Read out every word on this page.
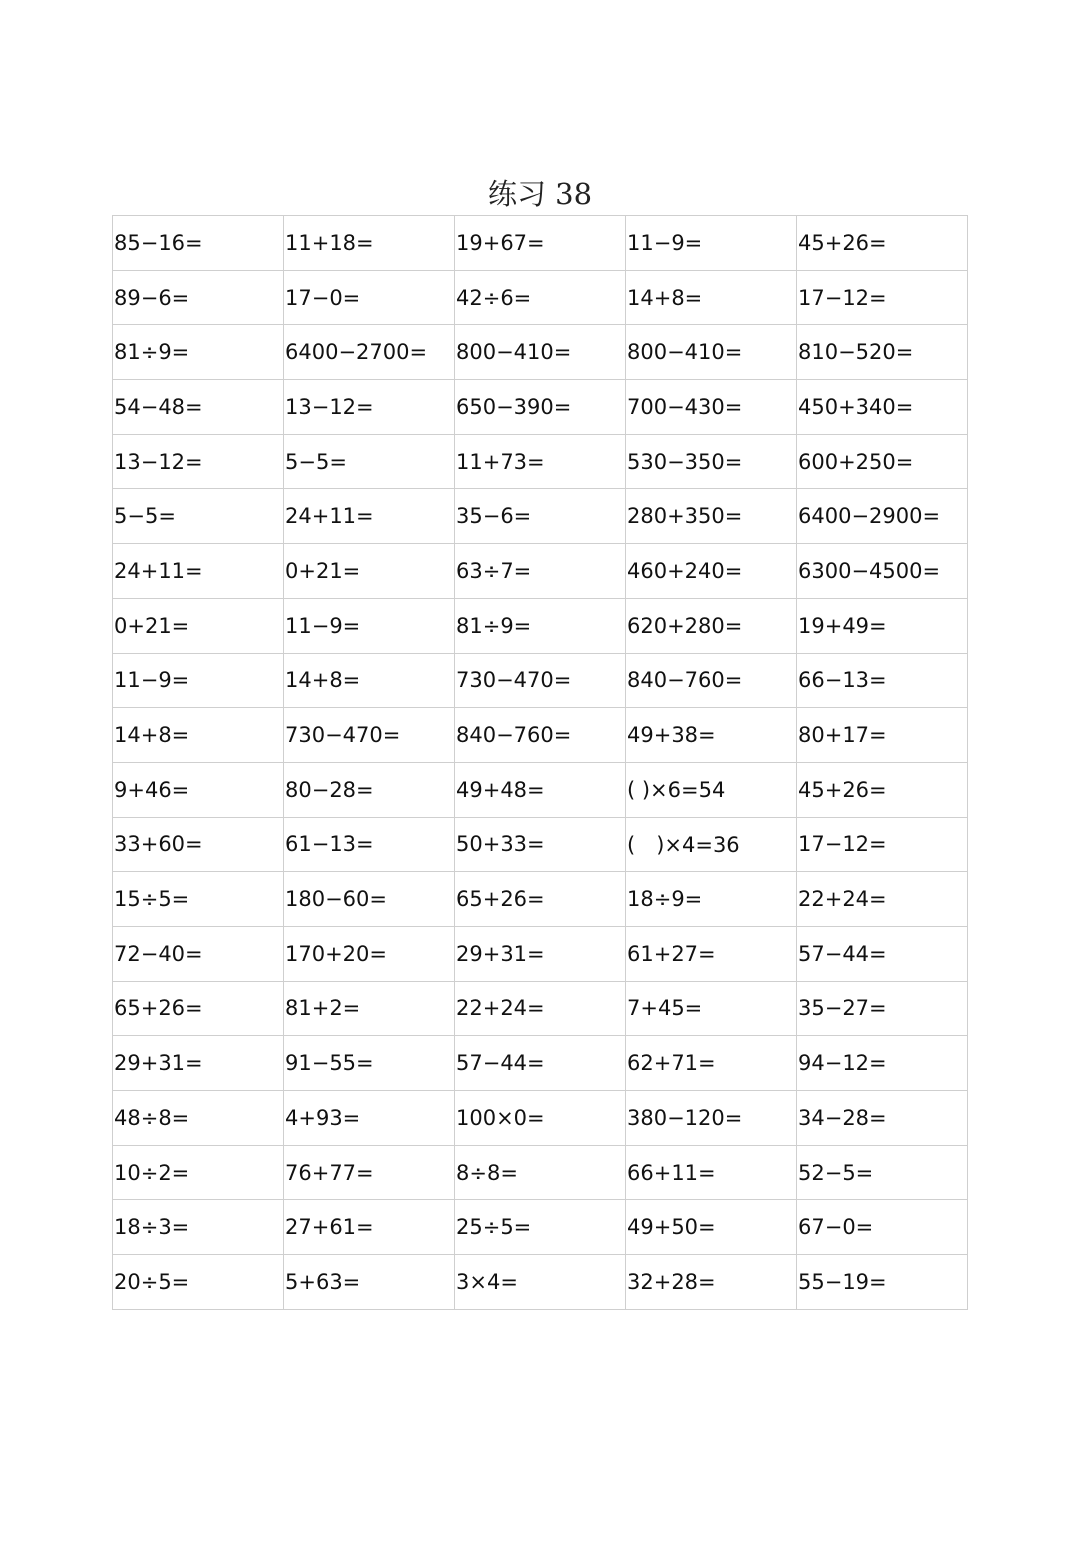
练习 38
85−16=	11+18=	19+67=	11−9=	45+26=
89−6=	17−0=	42÷6=	14+8=	17−12=
81÷9=	6400−2700=	800−410=	800−410=	810−520=
54−48=	13−12=	650−390=	700−430=	450+340=
13−12=	5−5=	11+73=	530−350=	600+250=
5−5=	24+11=	35−6=	280+350=	6400−2900=
24+11=	0+21=	63÷7=	460+240=	6300−4500=
0+21=	11−9=	81÷9=	620+280=	19+49=
11−9=	14+8=	730−470=	840−760=	66−13=
14+8=	730−470=	840−760=	49+38=	80+17=
9+46=	80−28=	49+48=	( )×6=54	45+26=
33+60=	61−13=	50+33=	(　)×4=36	17−12=
15÷5=	180−60=	65+26=	18÷9=	22+24=
72−40=	170+20=	29+31=	61+27=	57−44=
65+26=	81+2=	22+24=	7+45=	35−27=
29+31=	91−55=	57−44=	62+71=	94−12=
48÷8=	4+93=	100×0=	380−120=	34−28=
10÷2=	76+77=	8÷8=	66+11=	52−5=
18÷3=	27+61=	25÷5=	49+50=	67−0=
20÷5=	5+63=	3×4=	32+28=	55−19=
